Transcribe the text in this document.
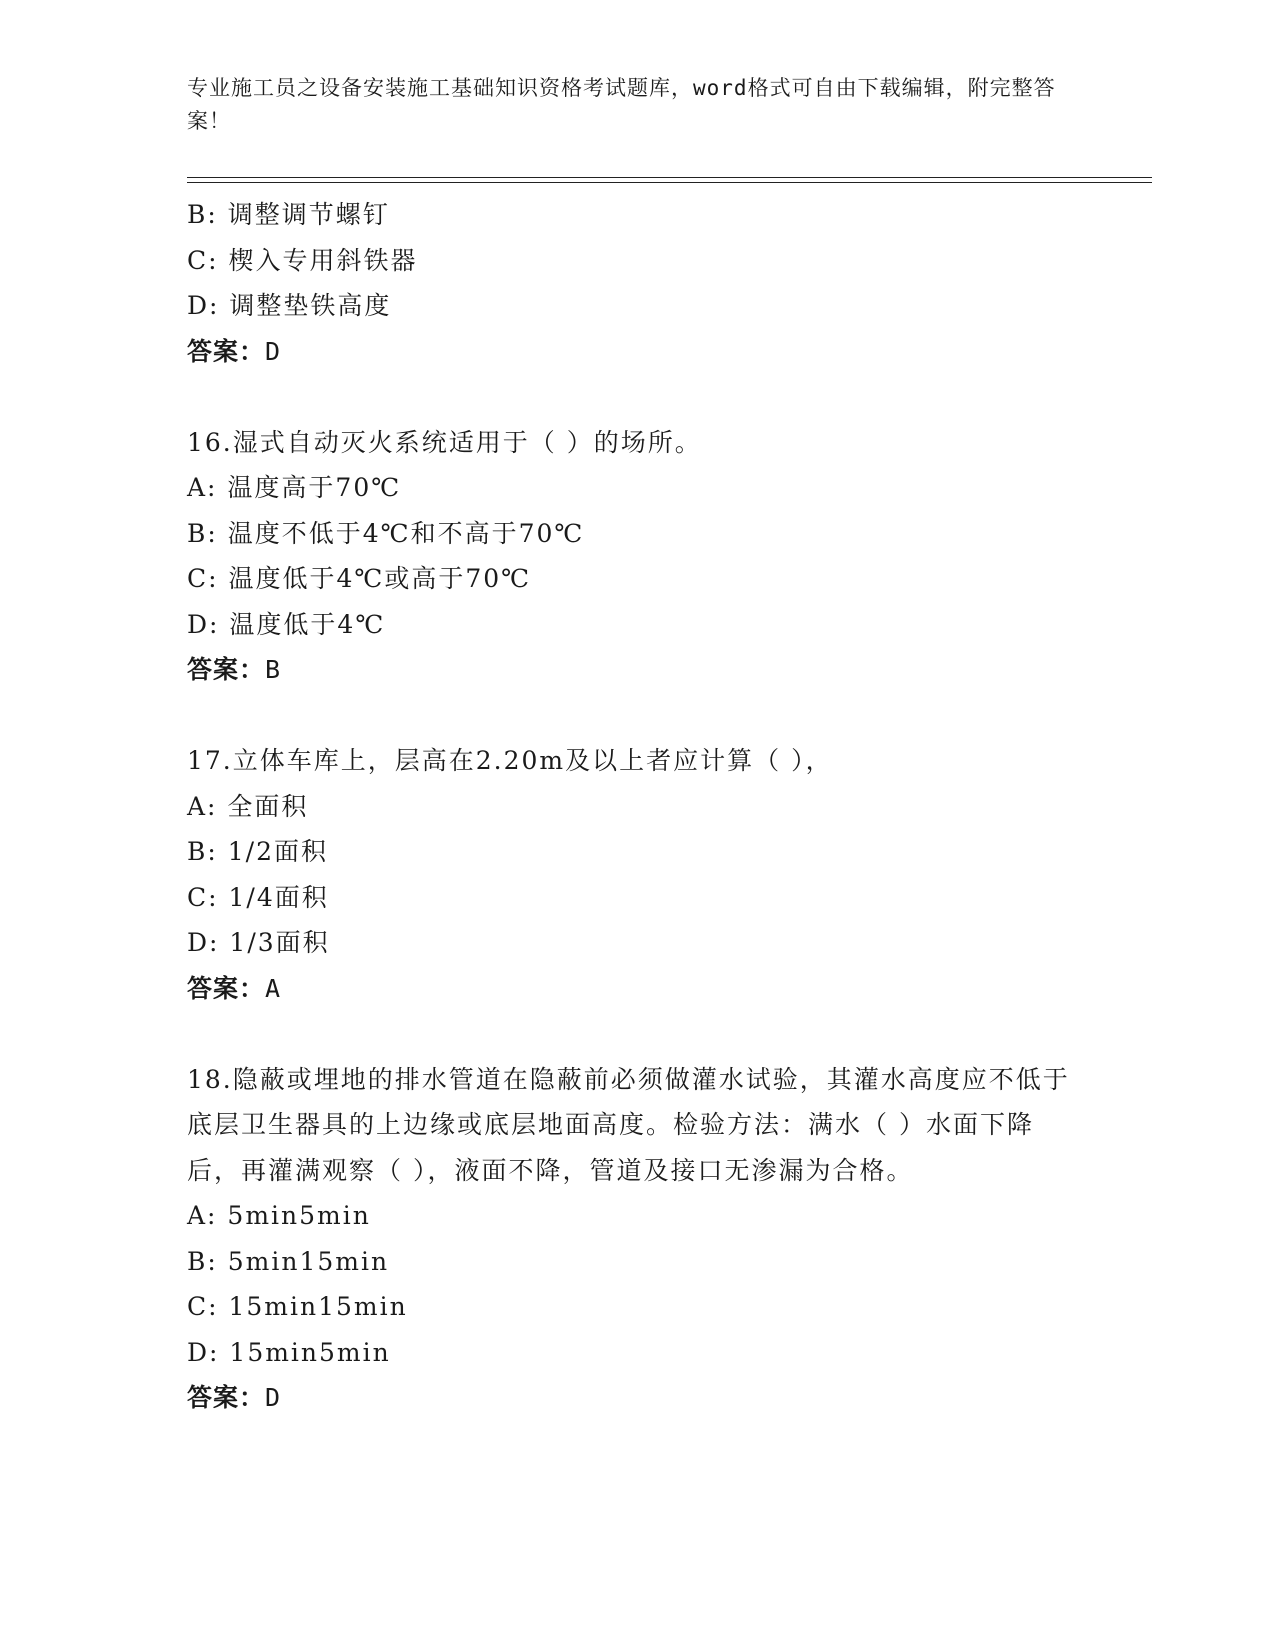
专业施工员之设备安装施工基础知识资格考试题库，word格式可自由下载编辑，附完整答案！
B: 调整调节螺钉
C: 楔入专用斜铁器
D: 调整垫铁高度
答案：D
16.湿式自动灭火系统适用于（ ）的场所。
A: 温度高于70℃
B: 温度不低于4℃和不高于70℃
C: 温度低于4℃或高于70℃
D: 温度低于4℃
答案：B
17.立体车库上，层高在2.20m及以上者应计算（ ），
A: 全面积
B: 1/2面积
C: 1/4面积
D: 1/3面积
答案：A
18.隐蔽或埋地的排水管道在隐蔽前必须做灌水试验，其灌水高度应不低于底层卫生器具的上边缘或底层地面高度。检验方法：满水（ ）水面下降后，再灌满观察（ ），液面不降，管道及接口无渗漏为合格。
A: 5min5min
B: 5min15min
C: 15min15min
D: 15min5min
答案：D
